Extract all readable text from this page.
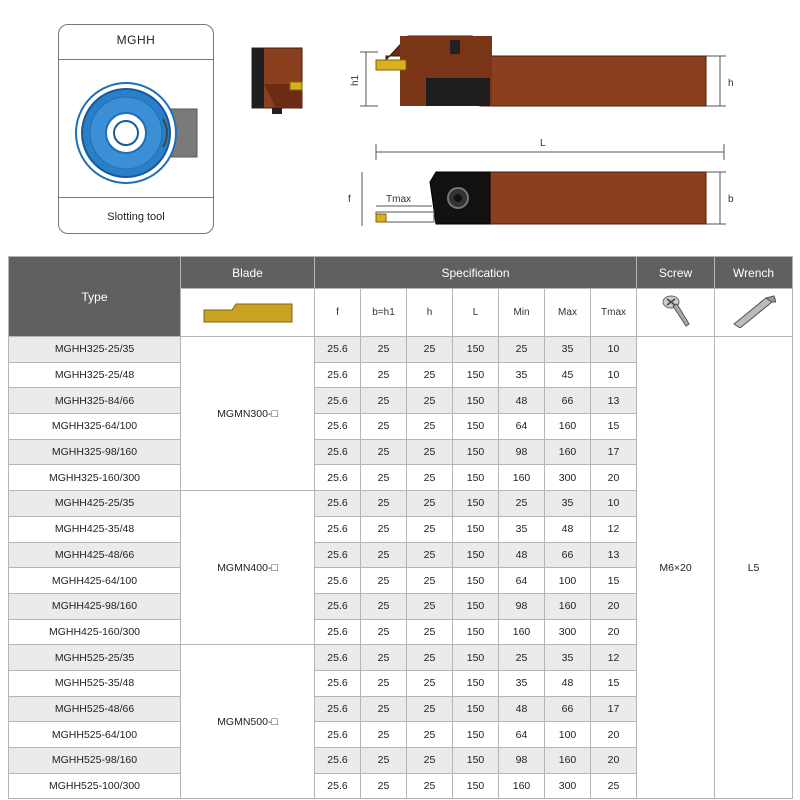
MGHH
Slotting tool
h1	h
L
f	Tmax	b
Type	Blade	Specification							Screw	Wrench
	f	b=h1	h	L	Min	Max	Tmax		
MGHH325-25/35	MGMN300-□	25.6	25	25	150	25	35	10	M6×20	L5
MGHH325-25/48		25.6	25	25	150	35	45	10		
MGHH325-84/66		25.6	25	25	150	48	66	13		
MGHH325-64/100		25.6	25	25	150	64	160	15		
MGHH325-98/160		25.6	25	25	150	98	160	17		
MGHH325-160/300		25.6	25	25	150	160	300	20		
MGHH425-25/35	MGMN400-□	25.6	25	25	150	25	35	10		
MGHH425-35/48		25.6	25	25	150	35	48	12		
MGHH425-48/66		25.6	25	25	150	48	66	13		
MGHH425-64/100		25.6	25	25	150	64	100	15		
MGHH425-98/160		25.6	25	25	150	98	160	20		
MGHH425-160/300		25.6	25	25	150	160	300	20		
MGHH525-25/35	MGMN500-□	25.6	25	25	150	25	35	12		
MGHH525-35/48		25.6	25	25	150	35	48	15		
MGHH525-48/66		25.6	25	25	150	48	66	17		
MGHH525-64/100		25.6	25	25	150	64	100	20		
MGHH525-98/160		25.6	25	25	150	98	160	20		
MGHH525-100/300		25.6	25	25	150	160	300	25		
